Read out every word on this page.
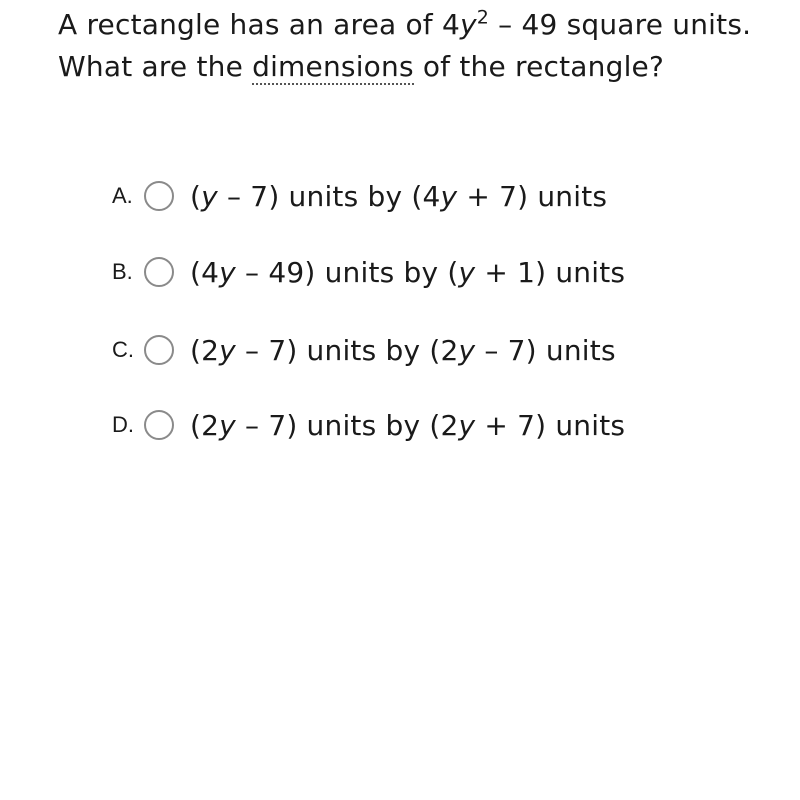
A rectangle has an area of $4y^2 - 49$ square units. What are the dimensions of the rectangle?
A.	(y – 7) units by (4y + 7) units
B.	(4y – 49) units by (y + 1) units
C.	(2y – 7) units by (2y – 7) units
D.	(2y – 7) units by (2y + 7) units
